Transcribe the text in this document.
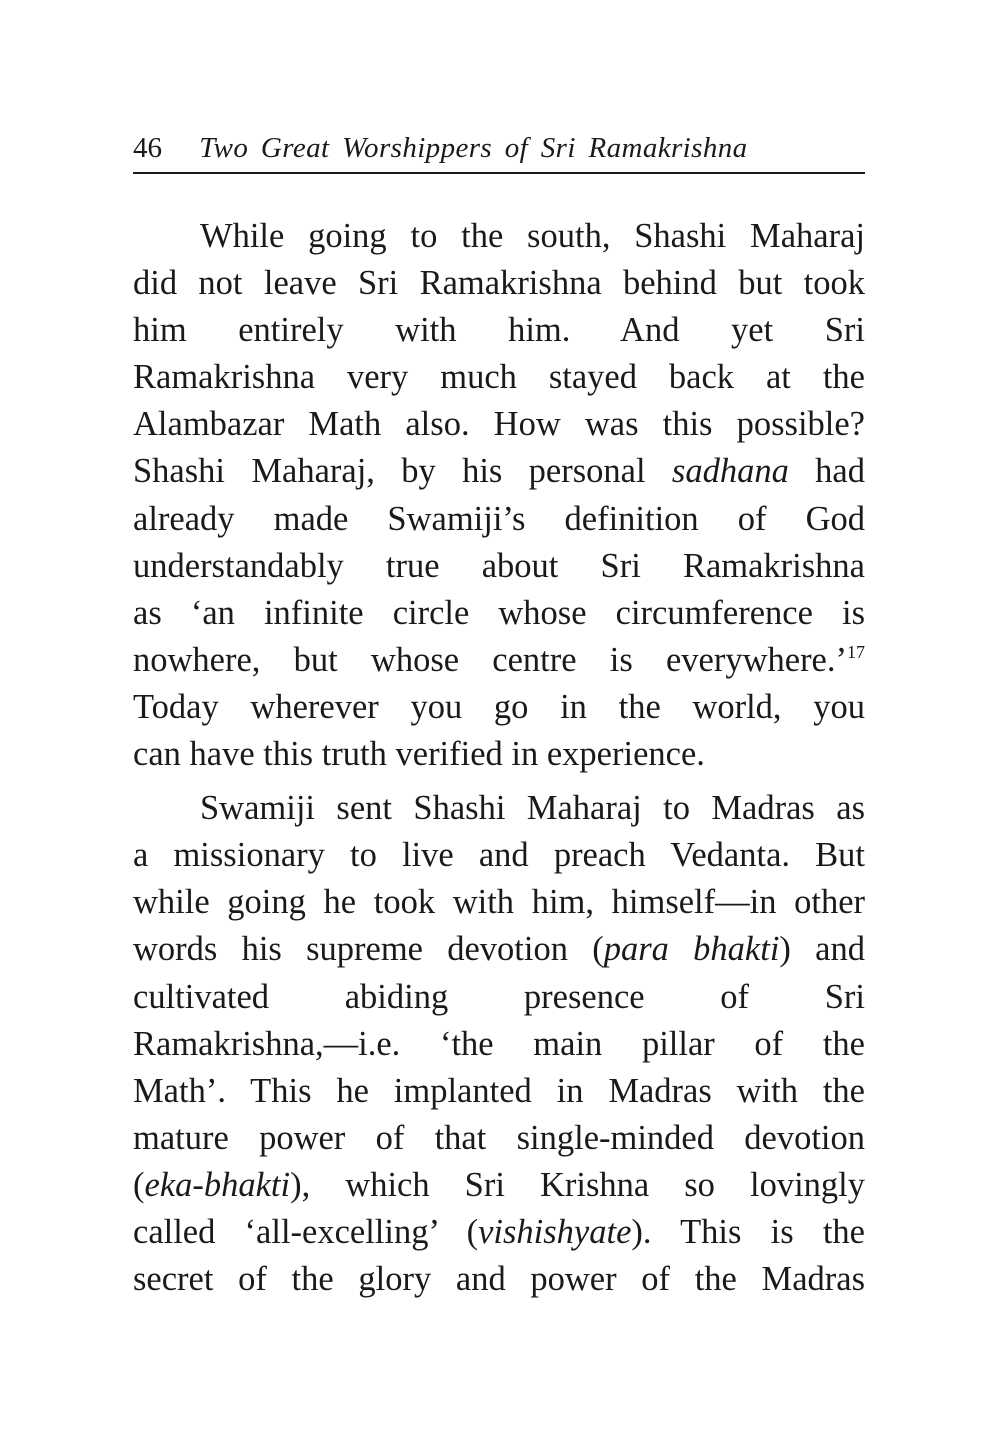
46 Two Great Worshippers of Sri Ramakrishna
While going to the south, Shashi Maharaj
did not leave Sri Ramakrishna behind but took
him entirely with him. And yet Sri
Ramakrishna very much stayed back at the
Alambazar Math also. How was this possible?
Shashi Maharaj, by his personal sadhana had
already made Swamiji’s definition of God
understandably true about Sri Ramakrishna
as ‘an infinite circle whose circumference is
nowhere, but whose centre is everywhere.’$^{17}$
Today wherever you go in the world, you
can have this truth verified in experience.
Swamiji sent Shashi Maharaj to Madras as
a missionary to live and preach Vedanta. But
while going he took with him, himself—in other
words his supreme devotion (para bhakti) and
cultivated abiding presence of Sri
Ramakrishna,—i.e. ‘the main pillar of the
Math’. This he implanted in Madras with the
mature power of that single-minded devotion
(eka-bhakti), which Sri Krishna so lovingly
called ‘all-excelling’ (vishishyate). This is the
secret of the glory and power of the Madras
